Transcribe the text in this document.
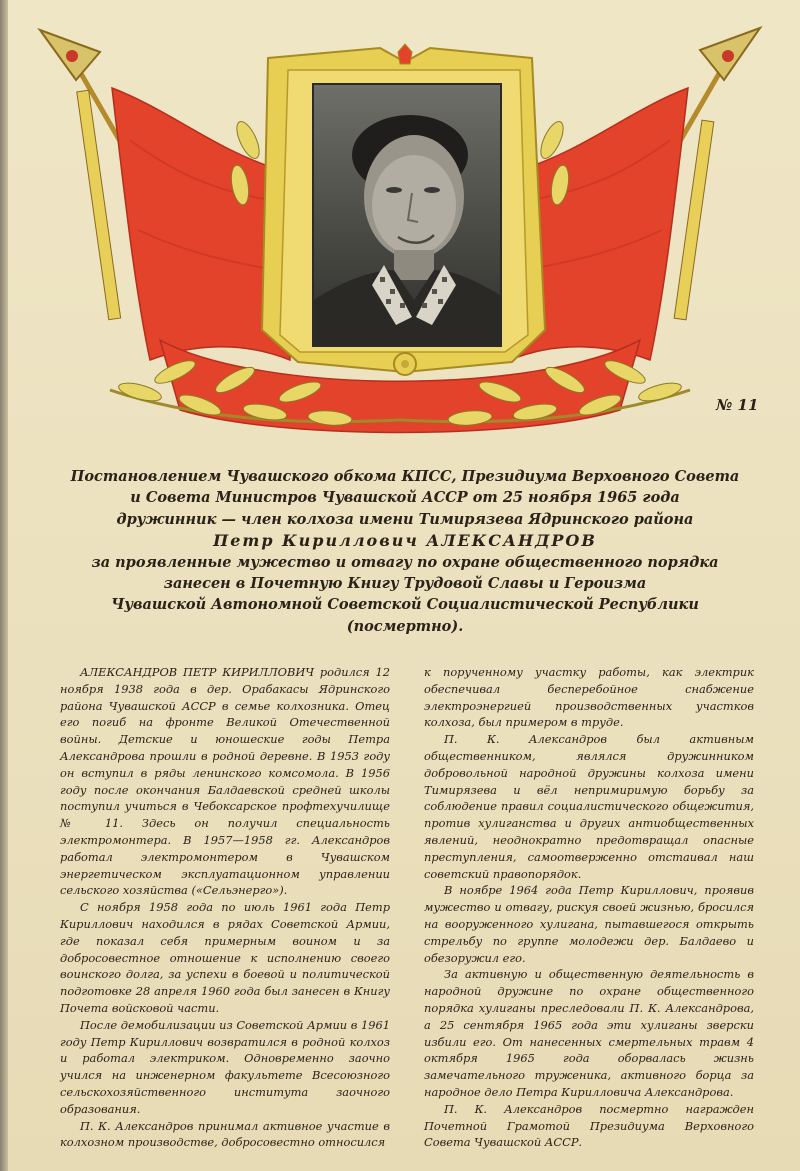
№ 11
Постановлением Чувашского обкома КПСС, Президиума Верховного Совета
и Совета Министров Чувашской АССР от 25 ноября 1965 года
дружинник — член колхоза имени Тимирязева Ядринского района
Петр Кириллович АЛЕКСАНДРОВ
за проявленные мужество и отвагу по охране общественного порядка
занесен в Почетную Книгу Трудовой Славы и Героизма
Чувашской Автономной Советской Социалистической Республики
(посмертно).

АЛЕКСАНДРОВ ПЕТР КИРИЛЛОВИЧ родился 12 ноября 1938 года в дер. Орабакасы Ядринского района Чувашской АССР в семье колхозника. Отец его погиб на фронте Великой Отечественной войны. Детские и юношеские годы Петра Александрова прошли в родной деревне. В 1953 году он вступил в ряды ленинского комсомола. В 1956 году после окончания Балдаевской средней школы поступил учиться в Чебоксарское профтехучилище № 11. Здесь он получил специальность электромонтера. В 1957—1958 гг. Александров работал электромонтером в Чувашском энергетическом эксплуатационном управлении сельского хозяйства («Сельэнерго»).

С ноября 1958 года по июль 1961 года Петр Кириллович находился в рядах Советской Армии, где показал себя примерным воином и за добросовестное отношение к исполнению своего воинского долга, за успехи в боевой и политической подготовке 28 апреля 1960 года был занесен в Книгу Почета войсковой части.

После демобилизации из Советской Армии в 1961 году Петр Кириллович возвратился в родной колхоз и работал электриком. Одновременно заочно учился на инженерном факультете Всесоюзного сельскохозяйственного института заочного образования.

П. К. Александров принимал активное участие в колхозном производстве, добросовестно относился

к порученному участку работы, как электрик обеспечивал бесперебойное снабжение электроэнергией производственных участков колхоза, был примером в труде.

П. К. Александров был активным общественником, являлся дружинником добровольной народной дружины колхоза имени Тимирязева и вёл непримиримую борьбу за соблюдение правил социалистического общежития, против хулиганства и других антиобщественных явлений, неоднократно предотвращал опасные преступления, самоотверженно отстаивал наш советский правопорядок.

В ноябре 1964 года Петр Кириллович, проявив мужество и отвагу, рискуя своей жизнью, бросился на вооруженного хулигана, пытавшегося открыть стрельбу по группе молодежи дер. Балдаево и обезоружил его.

За активную и общественную деятельность в народной дружине по охране общественного порядка хулиганы преследовали П. К. Александрова, а 25 сентября 1965 года эти хулиганы зверски избили его. От нанесенных смертельных травм 4 октября 1965 года оборвалась жизнь замечательного труженика, активного борца за народное дело Петра Кирилловича Александрова.

П. К. Александров посмертно награжден Почетной Грамотой Президиума Верховного Совета Чувашской АССР.
